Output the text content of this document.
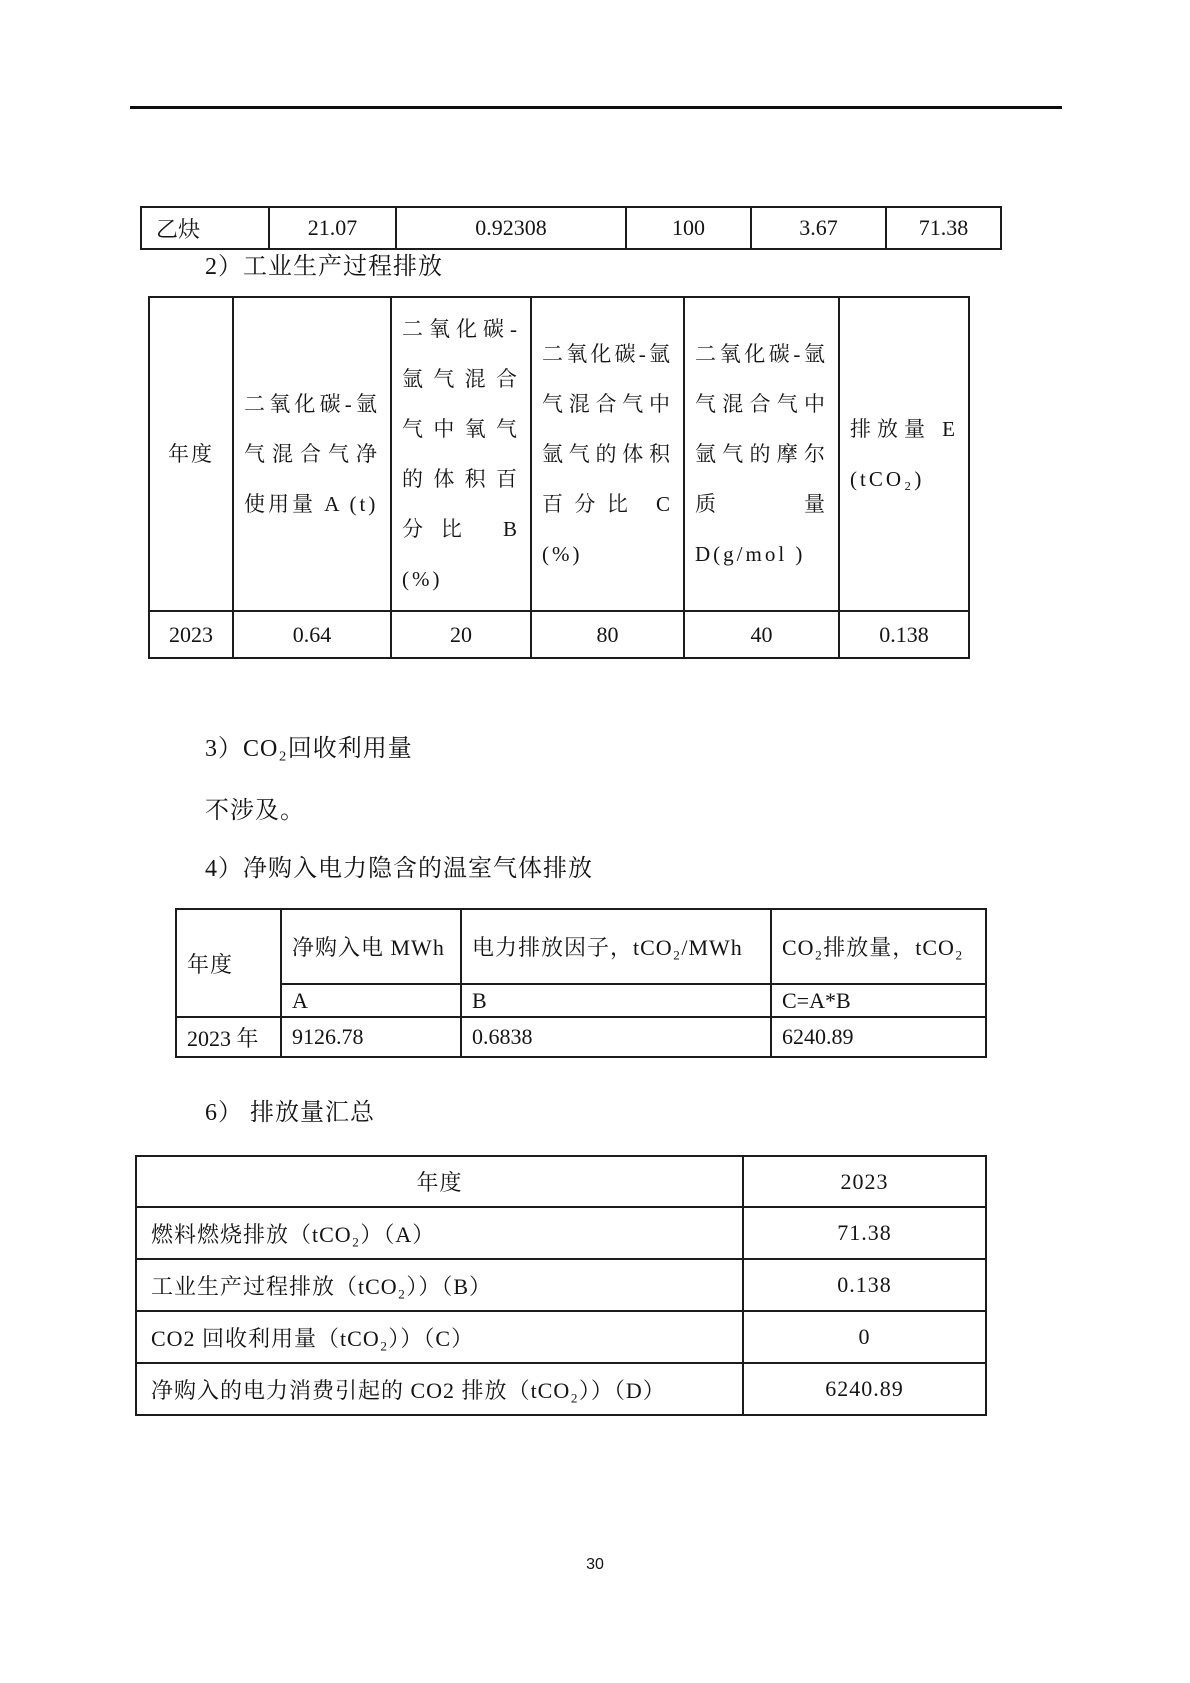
乙炔	21.07	0.92308	100	3.67	71.38
2）工业生产过程排放
年度	二氧化碳-氩气混合气净使用量 A (t)	二氧化碳-氩气混合气中氧气的体积百分比 B (%)	二氧化碳-氩气混合气中氩气的体积百分比 C (%)	二氧化碳-氩气混合气中氩气的摩尔质量 D(g/mol )	排放量 E (tCO₂)
2023	0.64	20	80	40	0.138
3）CO₂回收利用量
不涉及。
4）净购入电力隐含的温室气体排放
年度	净购入电 MWh	电力排放因子，tCO₂/MWh	CO₂排放量，tCO₂
	A	B	C=A*B
2023 年	9126.78	0.6838	6240.89
6） 排放量汇总
年度	2023
燃料燃烧排放（tCO₂）（A）	71.38
工业生产过程排放（tCO₂））（B）	0.138
CO2 回收利用量（tCO₂））（C）	0
净购入的电力消费引起的 CO2 排放（tCO₂））（D）	6240.89
30
